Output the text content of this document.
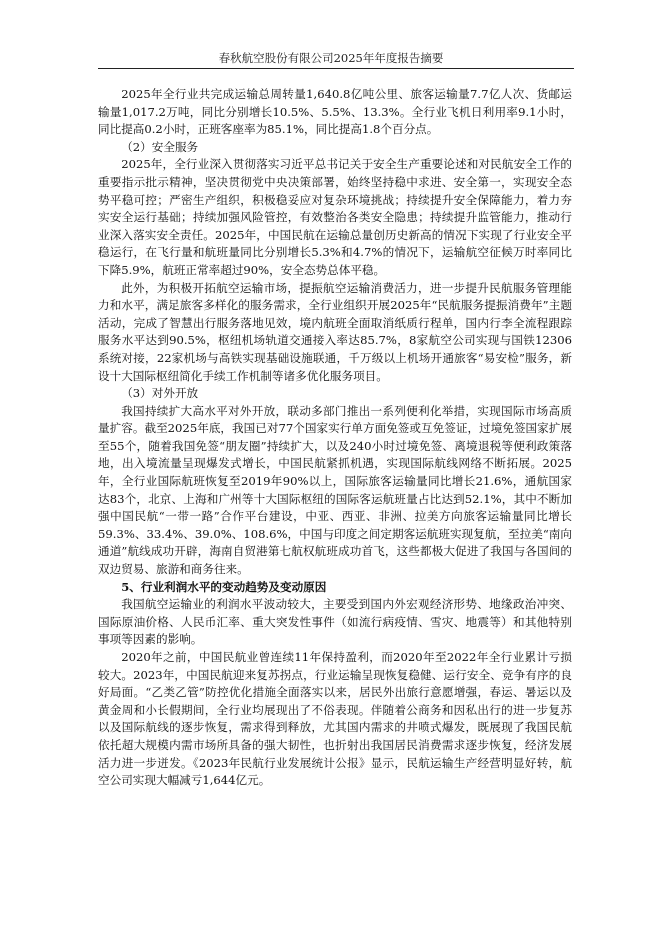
春秋航空股份有限公司2025年年度报告摘要

2025年全行业共完成运输总周转量1,640.8亿吨公里、旅客运输量7.7亿人次、货邮运输量1,017.2万吨，同比分别增长10.5%、5.5%、13.3%。全行业飞机日利用率9.1小时，同比提高0.2小时，正班客座率为85.1%，同比提高1.8个百分点。

（2）安全服务

2025年，全行业深入贯彻落实习近平总书记关于安全生产重要论述和对民航安全工作的重要指示批示精神，坚决贯彻党中央决策部署，始终坚持稳中求进、安全第一，实现安全态势平稳可控；严密生产组织，积极稳妥应对复杂环境挑战；持续提升安全保障能力，着力夯实安全运行基础；持续加强风险管控，有效整治各类安全隐患；持续提升监管能力，推动行业深入落实安全责任。2025年，中国民航在运输总量创历史新高的情况下实现了行业安全平稳运行，在飞行量和航班量同比分别增长5.3%和4.7%的情况下，运输航空征候万时率同比下降5.9%，航班正常率超过90%，安全态势总体平稳。

此外，为积极开拓航空运输市场，提振航空运输消费活力，进一步提升民航服务管理能力和水平，满足旅客多样化的服务需求，全行业组织开展2025年“民航服务提振消费年”主题活动，完成了智慧出行服务落地见效，境内航班全面取消纸质行程单，国内行李全流程跟踪服务水平达到90.5%，枢纽机场轨道交通接入率达85.7%，8家航空公司实现与国铁12306系统对接，22家机场与高铁实现基础设施联通，千万级以上机场开通旅客“易安检”服务，新设十大国际枢纽简化手续工作机制等诸多优化服务项目。

（3）对外开放

我国持续扩大高水平对外开放，联动多部门推出一系列便利化举措，实现国际市场高质量扩容。截至2025年底，我国已对77个国家实行单方面免签或互免签证，过境免签国家扩展至55个，随着我国免签“朋友圈”持续扩大，以及240小时过境免签、离境退税等便利政策落地，出入境流量呈现爆发式增长，中国民航紧抓机遇，实现国际航线网络不断拓展。2025年，全行业国际航班恢复至2019年90%以上，国际旅客运输量同比增长21.6%，通航国家达83个，北京、上海和广州等十大国际枢纽的国际客运航班量占比达到52.1%，其中不断加强中国民航“一带一路”合作平台建设，中亚、西亚、非洲、拉美方向旅客运输量同比增长59.3%、33.4%、39.0%、108.6%，中国与印度之间定期客运航班实现复航，至拉美“南向通道”航线成功开辟，海南自贸港第七航权航班成功首飞，这些都极大促进了我国与各国间的双边贸易、旅游和商务往来。

5、行业利润水平的变动趋势及变动原因

我国航空运输业的利润水平波动较大，主要受到国内外宏观经济形势、地缘政治冲突、国际原油价格、人民币汇率、重大突发性事件（如流行病疫情、雪灾、地震等）和其他特别事项等因素的影响。

2020年之前，中国民航业曾连续11年保持盈利，而2020年至2022年全行业累计亏损较大。2023年，中国民航迎来复苏拐点，行业运输呈现恢复稳健、运行安全、竞争有序的良好局面。“乙类乙管”防控优化措施全面落实以来，居民外出旅行意愿增强，春运、暑运以及黄金周和小长假期间，全行业均展现出了不俗表现。伴随着公商务和因私出行的进一步复苏以及国际航线的逐步恢复，需求得到释放，尤其国内需求的井喷式爆发，既展现了我国民航依托超大规模内需市场所具备的强大韧性，也折射出我国居民消费需求逐步恢复，经济发展活力进一步迸发。《2023年民航行业发展统计公报》显示，民航运输生产经营明显好转，航空公司实现大幅减亏1,644亿元。
